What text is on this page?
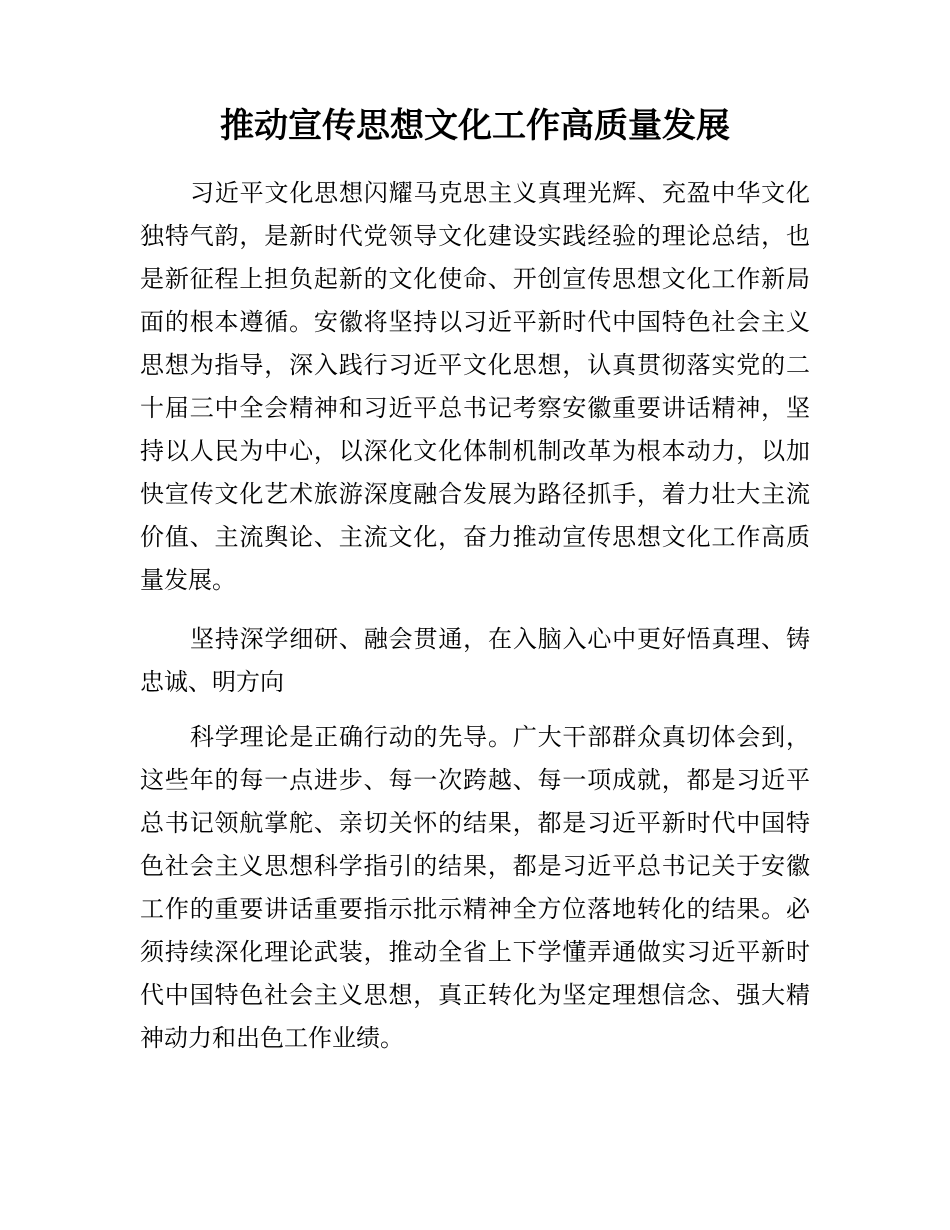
推动宣传思想文化工作高质量发展
习近平文化思想闪耀马克思主义真理光辉、充盈中华文化
独特气韵，是新时代党领导文化建设实践经验的理论总结，也
是新征程上担负起新的文化使命、开创宣传思想文化工作新局
面的根本遵循。安徽将坚持以习近平新时代中国特色社会主义
思想为指导，深入践行习近平文化思想，认真贯彻落实党的二
十届三中全会精神和习近平总书记考察安徽重要讲话精神，坚
持以人民为中心，以深化文化体制机制改革为根本动力，以加
快宣传文化艺术旅游深度融合发展为路径抓手，着力壮大主流
价值、主流舆论、主流文化，奋力推动宣传思想文化工作高质
量发展。
坚持深学细研、融会贯通，在入脑入心中更好悟真理、铸
忠诚、明方向
科学理论是正确行动的先导。广大干部群众真切体会到，
这些年的每一点进步、每一次跨越、每一项成就，都是习近平
总书记领航掌舵、亲切关怀的结果，都是习近平新时代中国特
色社会主义思想科学指引的结果，都是习近平总书记关于安徽
工作的重要讲话重要指示批示精神全方位落地转化的结果。必
须持续深化理论武装，推动全省上下学懂弄通做实习近平新时
代中国特色社会主义思想，真正转化为坚定理想信念、强大精
神动力和出色工作业绩。
